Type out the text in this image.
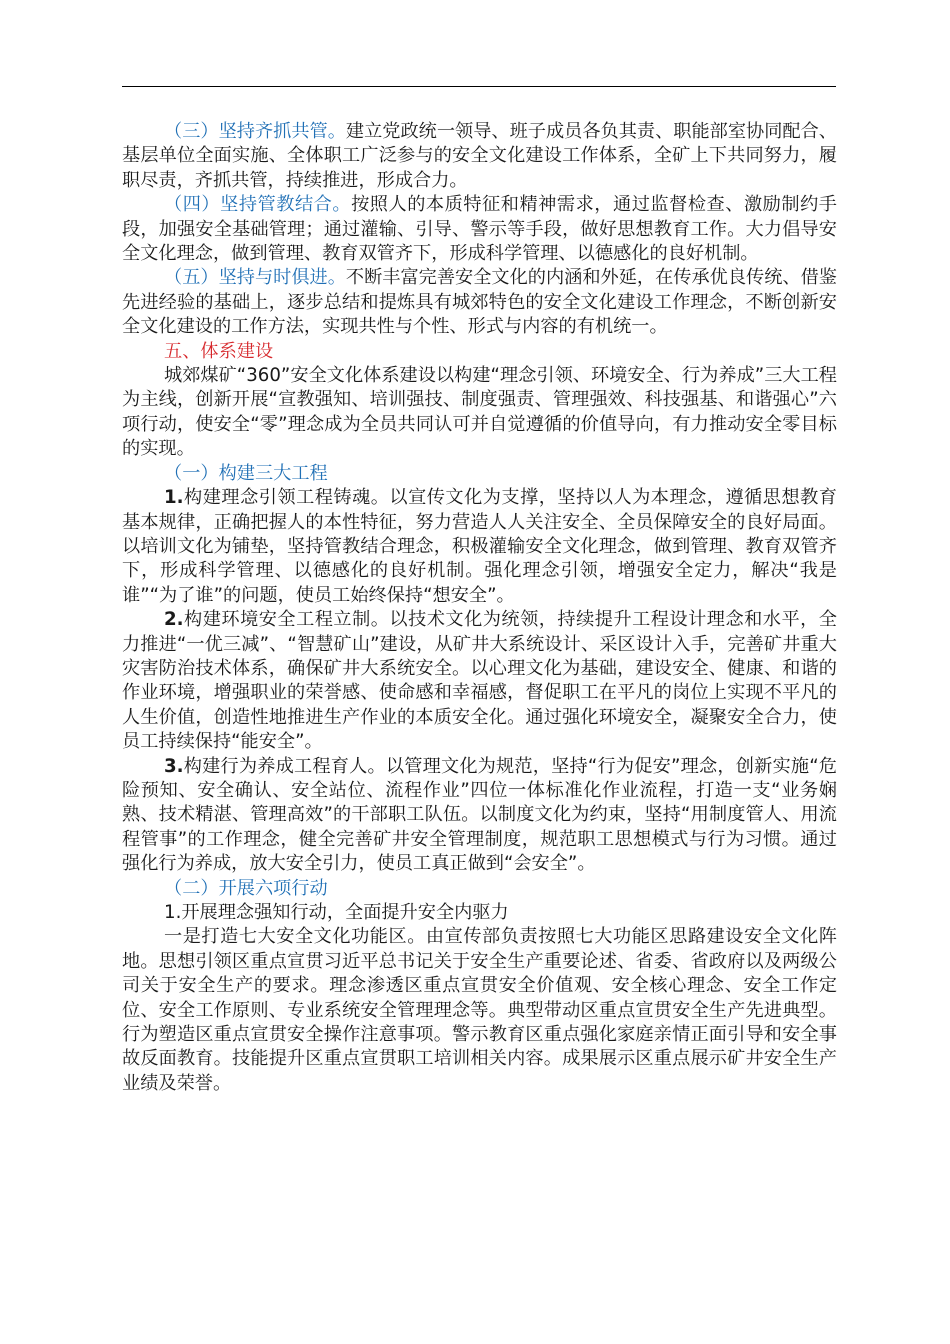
（三）坚持齐抓共管。建立党政统一领导、班子成员各负其责、职能部室协同配合、基层单位全面实施、全体职工广泛参与的安全文化建设工作体系，全矿上下共同努力，履职尽责，齐抓共管，持续推进，形成合力。

（四）坚持管教结合。按照人的本质特征和精神需求，通过监督检查、激励制约手段，加强安全基础管理；通过灌输、引导、警示等手段，做好思想教育工作。大力倡导安全文化理念，做到管理、教育双管齐下，形成科学管理、以德感化的良好机制。

（五）坚持与时俱进。不断丰富完善安全文化的内涵和外延，在传承优良传统、借鉴先进经验的基础上，逐步总结和提炼具有城郊特色的安全文化建设工作理念，不断创新安全文化建设的工作方法，实现共性与个性、形式与内容的有机统一。

五、体系建设

城郊煤矿“360”安全文化体系建设以构建“理念引领、环境安全、行为养成”三大工程为主线，创新开展“宣教强知、培训强技、制度强责、管理强效、科技强基、和谐强心”六项行动，使安全“零”理念成为全员共同认可并自觉遵循的价值导向，有力推动安全零目标的实现。

（一）构建三大工程

1.构建理念引领工程铸魂。以宣传文化为支撑，坚持以人为本理念，遵循思想教育基本规律，正确把握人的本性特征，努力营造人人关注安全、全员保障安全的良好局面。以培训文化为铺垫，坚持管教结合理念，积极灌输安全文化理念，做到管理、教育双管齐下，形成科学管理、以德感化的良好机制。强化理念引领，增强安全定力，解决“我是谁”“为了谁”的问题，使员工始终保持“想安全”。

2.构建环境安全工程立制。以技术文化为统领，持续提升工程设计理念和水平，全力推进“一优三减”、“智慧矿山”建设，从矿井大系统设计、采区设计入手，完善矿井重大灾害防治技术体系，确保矿井大系统安全。以心理文化为基础，建设安全、健康、和谐的作业环境，增强职业的荣誉感、使命感和幸福感，督促职工在平凡的岗位上实现不平凡的人生价值，创造性地推进生产作业的本质安全化。通过强化环境安全，凝聚安全合力，使员工持续保持“能安全”。

3.构建行为养成工程育人。以管理文化为规范，坚持“行为促安”理念，创新实施“危险预知、安全确认、安全站位、流程作业”四位一体标准化作业流程，打造一支“业务娴熟、技术精湛、管理高效”的干部职工队伍。以制度文化为约束，坚持“用制度管人、用流程管事”的工作理念，健全完善矿井安全管理制度，规范职工思想模式与行为习惯。通过强化行为养成，放大安全引力，使员工真正做到“会安全”。

（二）开展六项行动

1.开展理念强知行动，全面提升安全内驱力

一是打造七大安全文化功能区。由宣传部负责按照七大功能区思路建设安全文化阵地。思想引领区重点宣贯习近平总书记关于安全生产重要论述、省委、省政府以及两级公司关于安全生产的要求。理念渗透区重点宣贯安全价值观、安全核心理念、安全工作定位、安全工作原则、专业系统安全管理理念等。典型带动区重点宣贯安全生产先进典型。行为塑造区重点宣贯安全操作注意事项。警示教育区重点强化家庭亲情正面引导和安全事故反面教育。技能提升区重点宣贯职工培训相关内容。成果展示区重点展示矿井安全生产业绩及荣誉。
